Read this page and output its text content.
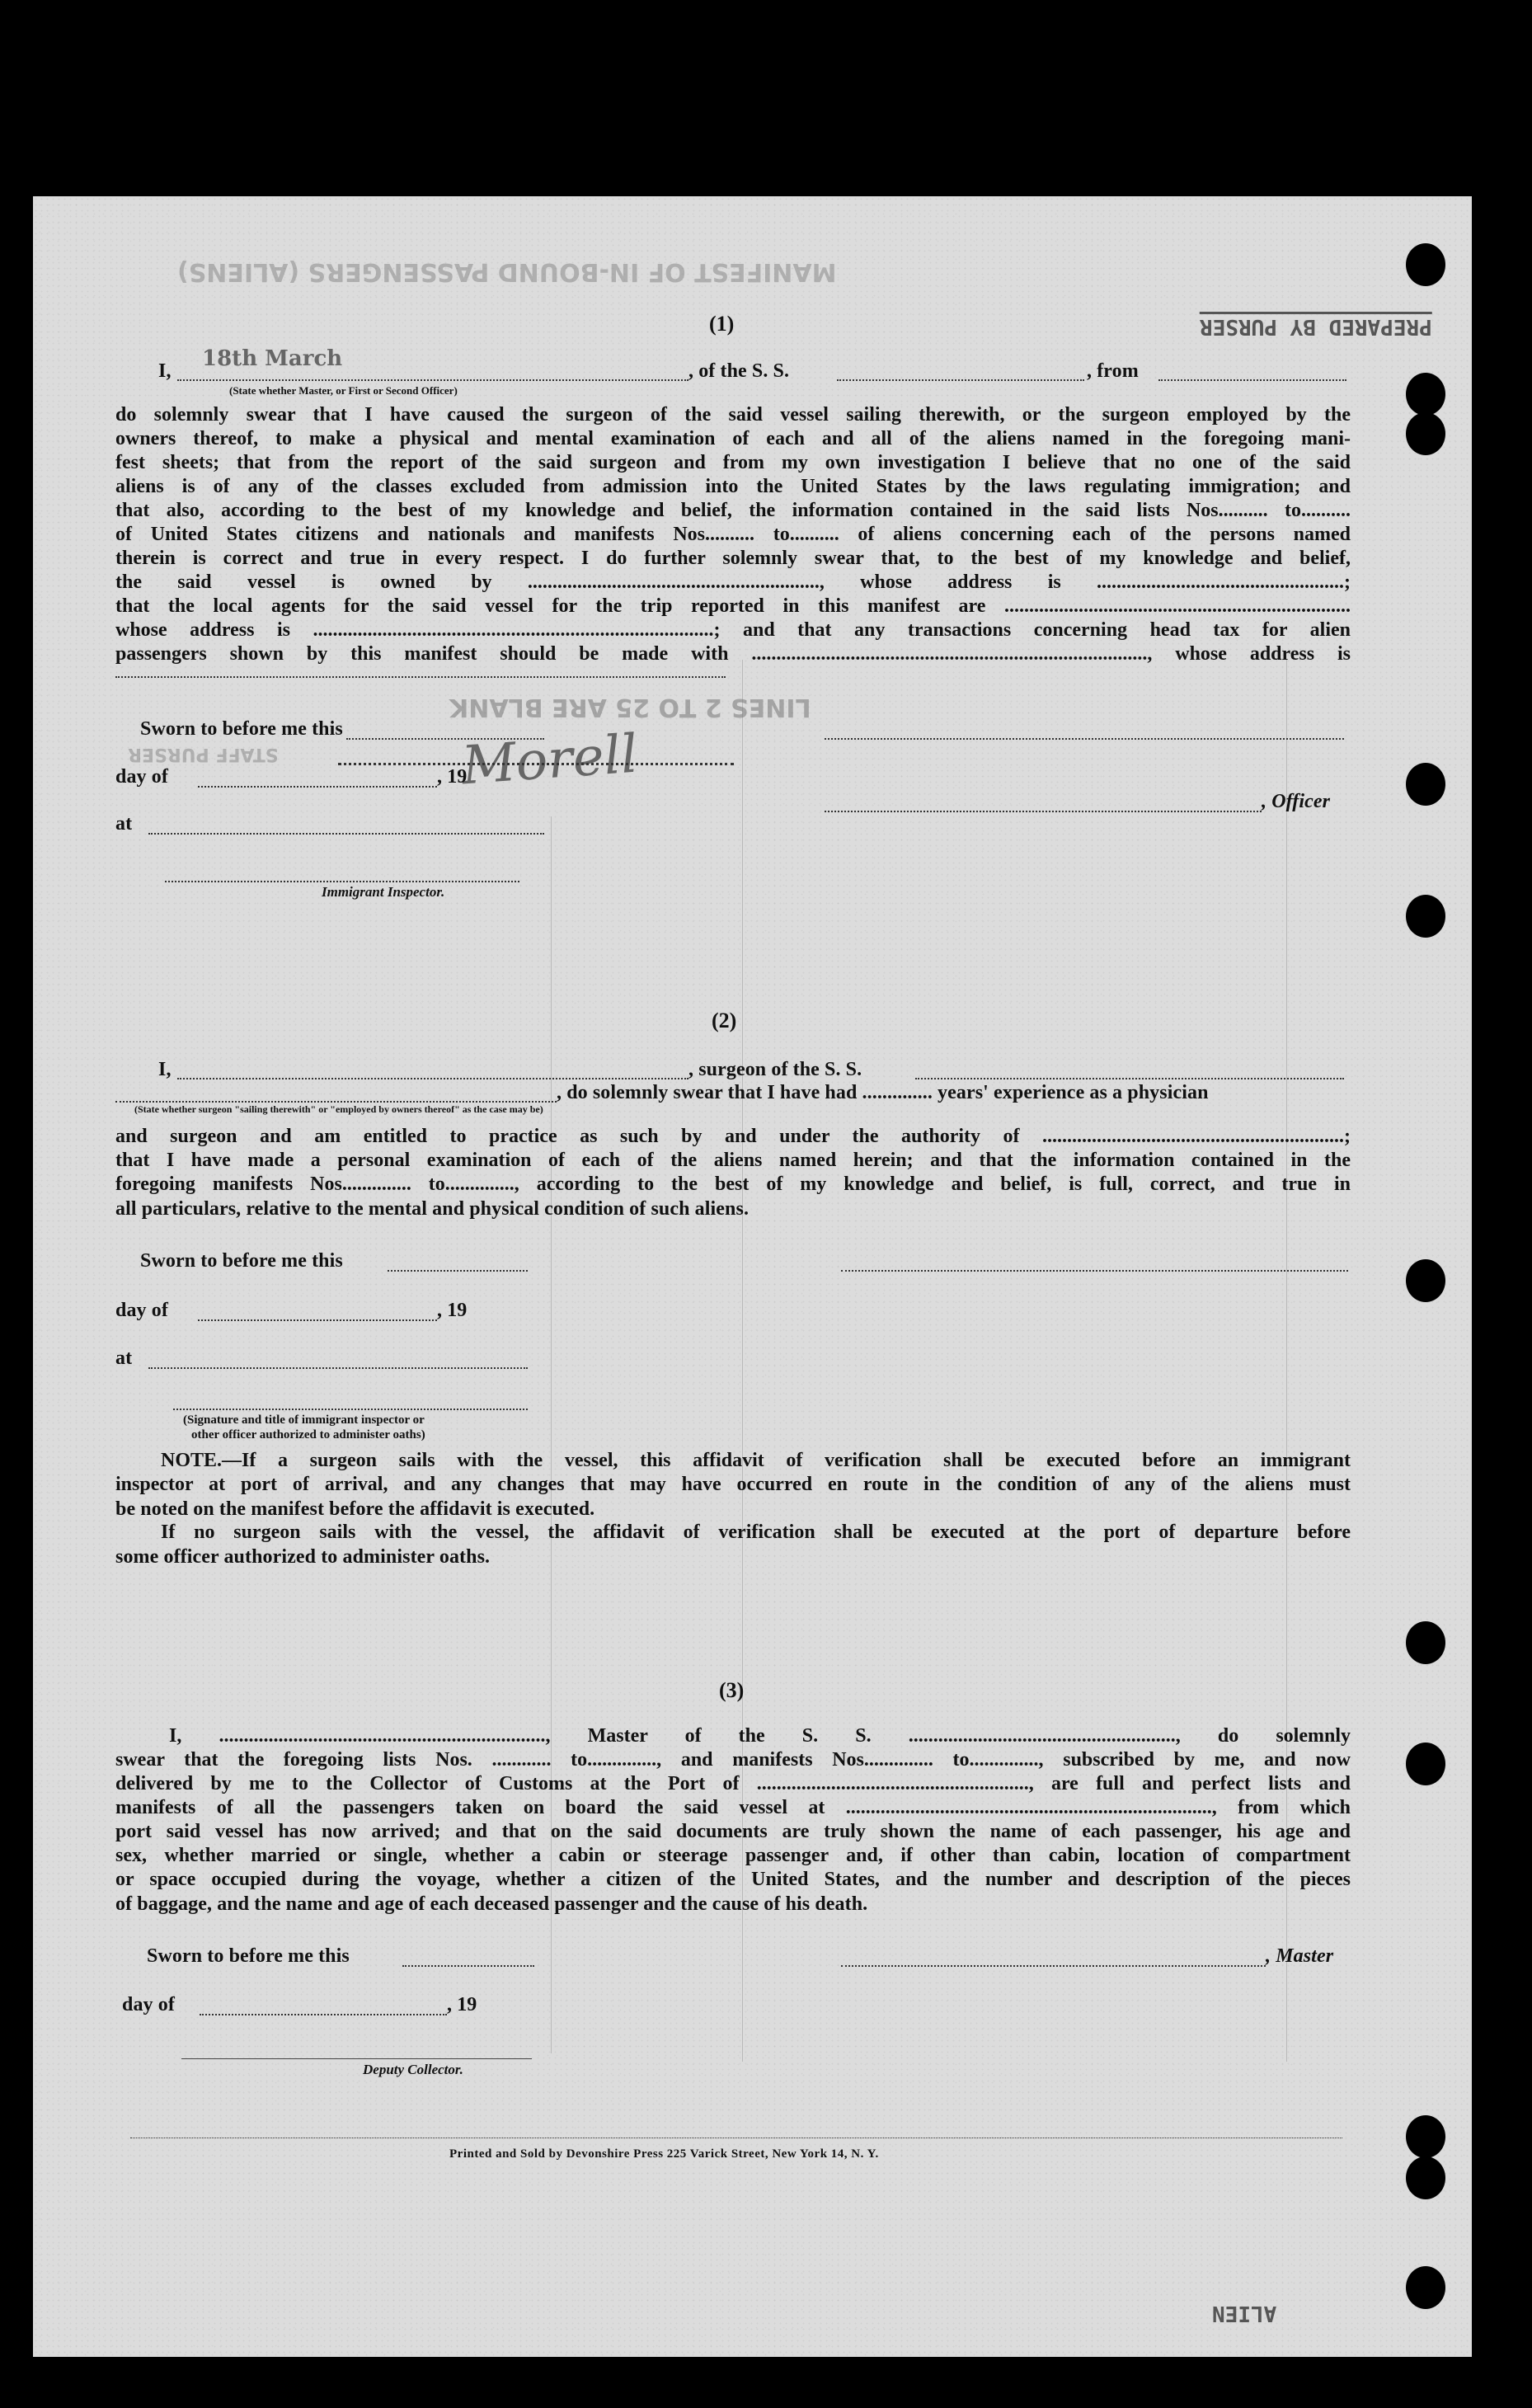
MANIFEST OF IN-BOUND PASSENGERS (ALIENS)
LINES 2 TO 25 ARE BLANK
STAFF PURSER
PREPARED BY PURSER
ALIEN
(1)
18th March
I,	, of the S. S.	, from
(State whether Master, or First or Second Officer)
do solemnly swear that I have caused the surgeon of the said vessel sailing therewith, or the surgeon employed by the
owners thereof, to make a physical and mental examination of each and all of the aliens named in the foregoing mani-
fest sheets; that from the report of the said surgeon and from my own investigation I believe that no one of the said
aliens is of any of the classes excluded from admission into the United States by the laws regulating immigration; and
that also, according to the best of my knowledge and belief, the information contained in the said lists Nos.......... to..........
of United States citizens and nationals and manifests Nos.......... to.......... of aliens concerning each of the persons named
therein is correct and true in every respect. I do further solemnly swear that, to the best of my knowledge and belief,
the said vessel is owned by ..........................................................., whose address is ..................................................;
that the local agents for the said vessel for the trip reported in this manifest are ......................................................................
whose address is .................................................................................; and that any transactions concerning head tax for alien
passengers shown by this manifest should be made with ................................................................................, whose address is
Sworn to before me this Morell
day of	, 19
, Officer
at
Immigrant Inspector.
(2)
I,	, surgeon of the S. S.
, do solemnly swear that I have had .............. years' experience as a physician
(State whether surgeon "sailing therewith" or "employed by owners thereof" as the case may be)
and surgeon and am entitled to practice as such by and under the authority of .............................................................;
that I have made a personal examination of each of the aliens named herein; and that the information contained in the
foregoing manifests Nos.............. to.............., according to the best of my knowledge and belief, is full, correct, and true in
all particulars, relative to the mental and physical condition of such aliens.
Sworn to before me this
day of	, 19
at
(Signature and title of immigrant inspector or
other officer authorized to administer oaths)
NOTE.—If a surgeon sails with the vessel, this affidavit of verification shall be executed before an immigrant
inspector at port of arrival, and any changes that may have occurred en route in the condition of any of the aliens must
be noted on the manifest before the affidavit is executed.
If no surgeon sails with the vessel, the affidavit of verification shall be executed at the port of departure before
some officer authorized to administer oaths.
(3)
I, .................................................................., Master of the S. S. ......................................................, do solemnly
swear that the foregoing lists Nos. ............ to.............., and manifests Nos.............. to.............., subscribed by me, and now
delivered by me to the Collector of Customs at the Port of ......................................................., are full and perfect lists and
manifests of all the passengers taken on board the said vessel at .........................................................................., from which
port said vessel has now arrived; and that on the said documents are truly shown the name of each passenger, his age and
sex, whether married or single, whether a cabin or steerage passenger and, if other than cabin, location of compartment
or space occupied during the voyage, whether a citizen of the United States, and the number and description of the pieces
of baggage, and the name and age of each deceased passenger and the cause of his death.
Sworn to before me this	, Master
day of	, 19
Deputy Collector.
Printed and Sold by Devonshire Press 225 Varick Street, New York 14, N. Y.
